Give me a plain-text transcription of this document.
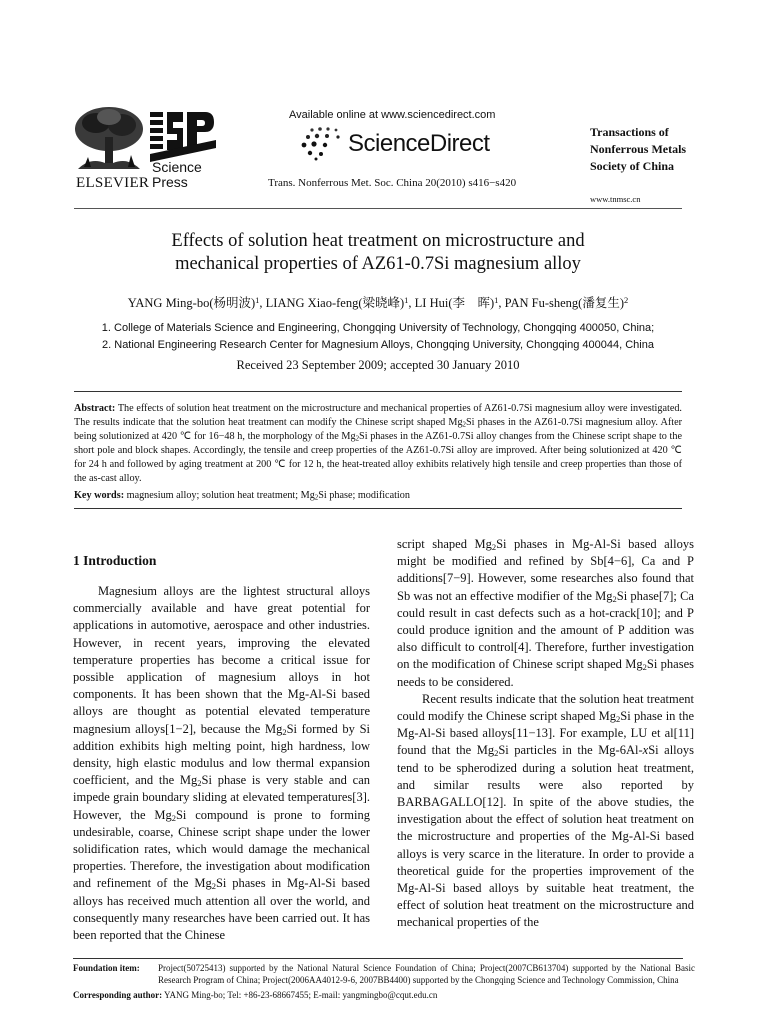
ELSEVIER
Science
Press
Available online at www.sciencedirect.com
ScienceDirect
Trans. Nonferrous Met. Soc. China 20(2010) s416−s420
Transactions of
Nonferrous Metals
Society of China
www.tnmsc.cn
Effects of solution heat treatment on microstructure and
mechanical properties of AZ61-0.7Si magnesium alloy
YANG Ming-bo(杨明波)$^1$, LIANG Xiao-feng(梁晓峰)$^1$, LI Hui(李　晖)$^1$, PAN Fu-sheng(潘复生)$^2$
1. College of Materials Science and Engineering, Chongqing University of Technology, Chongqing 400050, China;
2. National Engineering Research Center for Magnesium Alloys, Chongqing University, Chongqing 400044, China
Received 23 September 2009; accepted 30 January 2010

Abstract: The effects of solution heat treatment on the microstructure and mechanical properties of AZ61-0.7Si magnesium alloy were investigated. The results indicate that the solution heat treatment can modify the Chinese script shaped $Mg_2Si$ phases in the AZ61-0.7Si magnesium alloy. After being solutionized at 420 ℃ for 16−48 h, the morphology of the $Mg_2Si$ phases in the AZ61-0.7Si alloy changes from the Chinese script shape to the short pole and block shapes. Accordingly, the tensile and creep properties of the AZ61-0.7Si alloy are improved. After being solutionized at 420 ℃ for 24 h and followed by aging treatment at 200 ℃ for 12 h, the heat-treated alloy exhibits relatively high tensile and creep properties than those of the as-cast alloy.

Key words: magnesium alloy; solution heat treatment; $Mg_2Si$ phase; modification
1 Introduction

Magnesium alloys are the lightest structural alloys commercially available and have great potential for applications in automotive, aerospace and other industries. However, in recent years, improving the elevated temperature properties has become a critical issue for possible application of magnesium alloys in hot components. It has been shown that the Mg-Al-Si based alloys are thought as potential elevated temperature magnesium alloys[1−2], because the $Mg_2Si$ formed by Si addition exhibits high melting point, high hardness, low density, high elastic modulus and low thermal expansion coefficient, and the $Mg_2Si$ phase is very stable and can impede grain boundary sliding at elevated temperatures[3]. However, the $Mg_2Si$ compound is prone to forming undesirable, coarse, Chinese script shape under the lower solidification rates, which would damage the mechanical properties. Therefore, the investigation about modification and refinement of the $Mg_2Si$ phases in Mg-Al-Si based alloys has received much attention all over the world, and consequently many researches have been carried out. It has been reported that the Chinese

script shaped $Mg_2Si$ phases in Mg-Al-Si based alloys might be modified and refined by Sb[4−6], Ca and P additions[7−9]. However, some researches also found that Sb was not an effective modifier of the $Mg_2Si$ phase[7]; Ca could result in cast defects such as a hot-crack[10]; and P could produce ignition and the amount of P addition was also difficult to control[4]. Therefore, further investigation on the modification of Chinese script shaped $Mg_2Si$ phases needs to be considered.

Recent results indicate that the solution heat treatment could modify the Chinese script shaped $Mg_2Si$ phase in the Mg-Al-Si based alloys[11−13]. For example, LU et al[11] found that the $Mg_2Si$ particles in the Mg-6Al-xSi alloys tend to be spherodized during a solution heat treatment, and similar results were also reported by BARBAGALLO[12]. In spite of the above studies, the investigation about the effect of solution heat treatment on the microstructure and properties of the Mg-Al-Si based alloys is very scarce in the literature. In order to provide a theoretical guide for the properties improvement of the Mg-Al-Si based alloys by suitable heat treatment, the effect of solution heat treatment on the microstructure and mechanical properties of the

Foundation item: Project(50725413) supported by the National Natural Science Foundation of China; Project(2007CB613704) supported by the National Basic Research Program of China; Project(2006AA4012-9-6, 2007BB4400) supported by the Chongqing Science and Technology Commission, China

Corresponding author: YANG Ming-bo; Tel: +86-23-68667455; E-mail: yangmingbo@cqut.edu.cn
